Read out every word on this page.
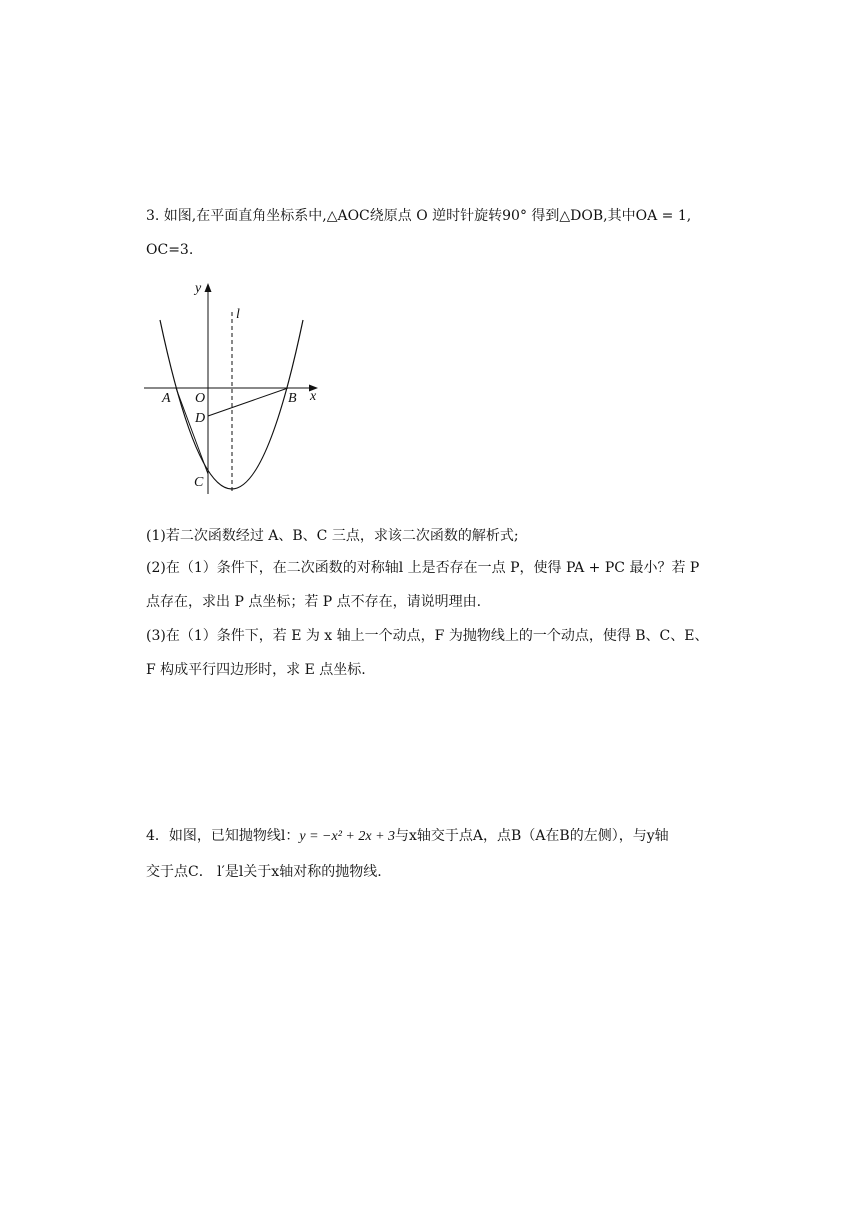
3. 如图,在平面直角坐标系中,△AOC绕原点 O 逆时针旋转90° 得到△DOB,其中OA = 1,
OC=3.
y
x
l
O
A	B
D
C
(1)若二次函数经过 A、B、C 三点，求该二次函数的解析式;
(2)在（1）条件下，在二次函数的对称轴l 上是否存在一点 P，使得 PA + PC 最小？若 P
点存在，求出 P 点坐标；若 P 点不存在，请说明理由.
(3)在（1）条件下，若 E 为 x 轴上一个动点，F 为抛物线上的一个动点，使得 B、C、E、
F 构成平行四边形时，求 E 点坐标.
4．如图，已知抛物线l：y = −x² + 2x + 3与x轴交于点A，点B（A在B的左侧），与y轴
交于点C． l′是l关于x轴对称的抛物线.
